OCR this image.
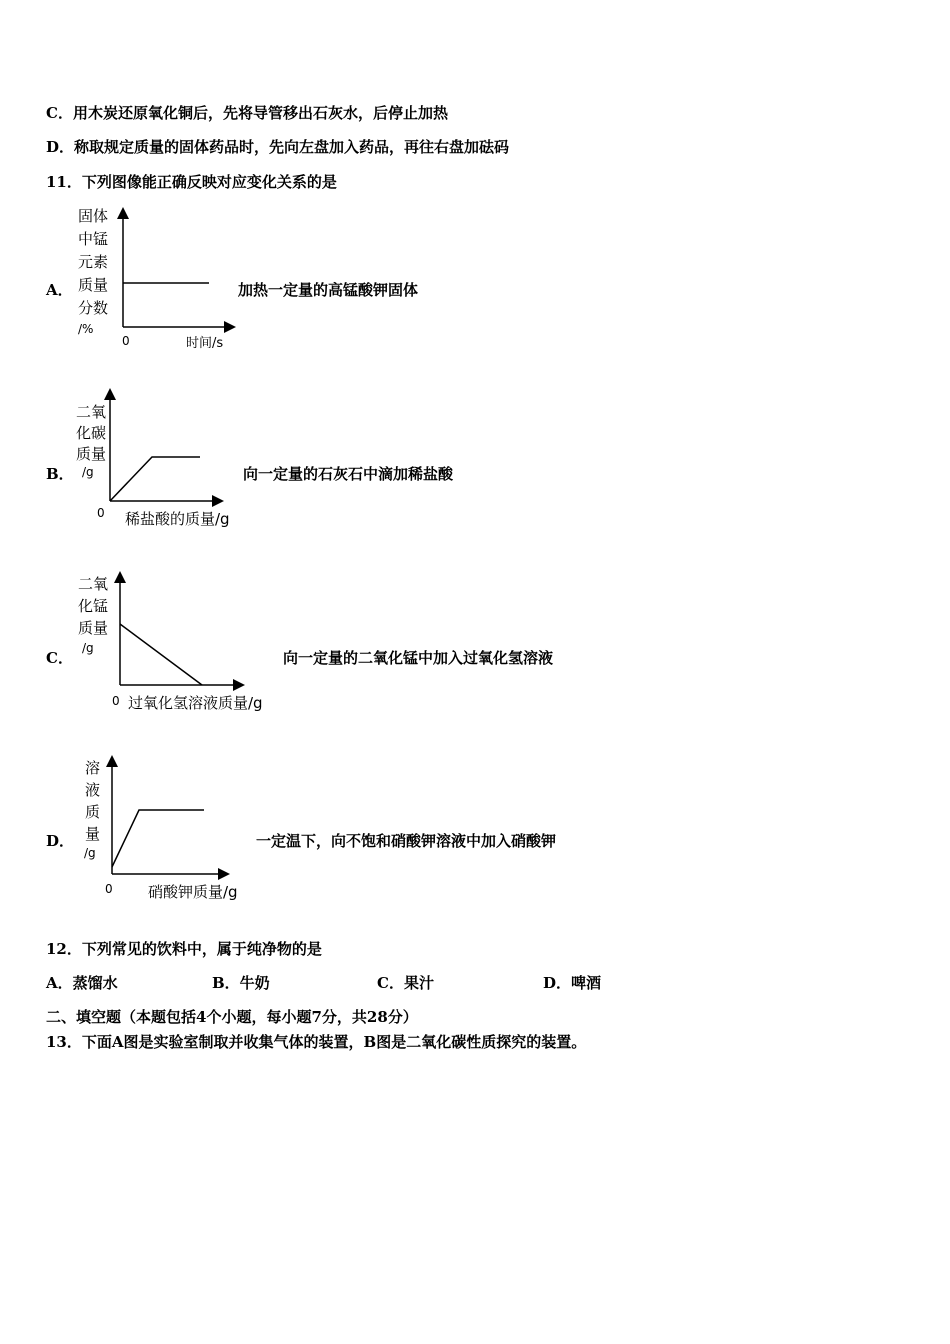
C．用木炭还原氧化铜后，先将导管移出石灰水，后停止加热
D．称取规定质量的固体药品时，先向左盘加入药品，再往右盘加砝码
11．下列图像能正确反映对应变化关系的是
A．
固体
中锰
元素
质量
分数
/%
0	时间/s
加热一定量的高锰酸钾固体
B．
二氧
化碳
质量
/g
0 稀盐酸的质量/g
向一定量的石灰石中滴加稀盐酸
C．
二氧
化锰
质量
/g
0 过氧化氢溶液质量/g
向一定量的二氧化锰中加入过氧化氢溶液
D．
溶
液
质
量
/g
0 硝酸钾质量/g
一定温下，向不饱和硝酸钾溶液中加入硝酸钾
12．下列常见的饮料中，属于纯净物的是
A．蒸馏水	B．牛奶	C．果汁	D．啤酒
二、填空题（本题包括4个小题，每小题7分，共28分）
13．下面A图是实验室制取并收集气体的装置，B图是二氧化碳性质探究的装置。
